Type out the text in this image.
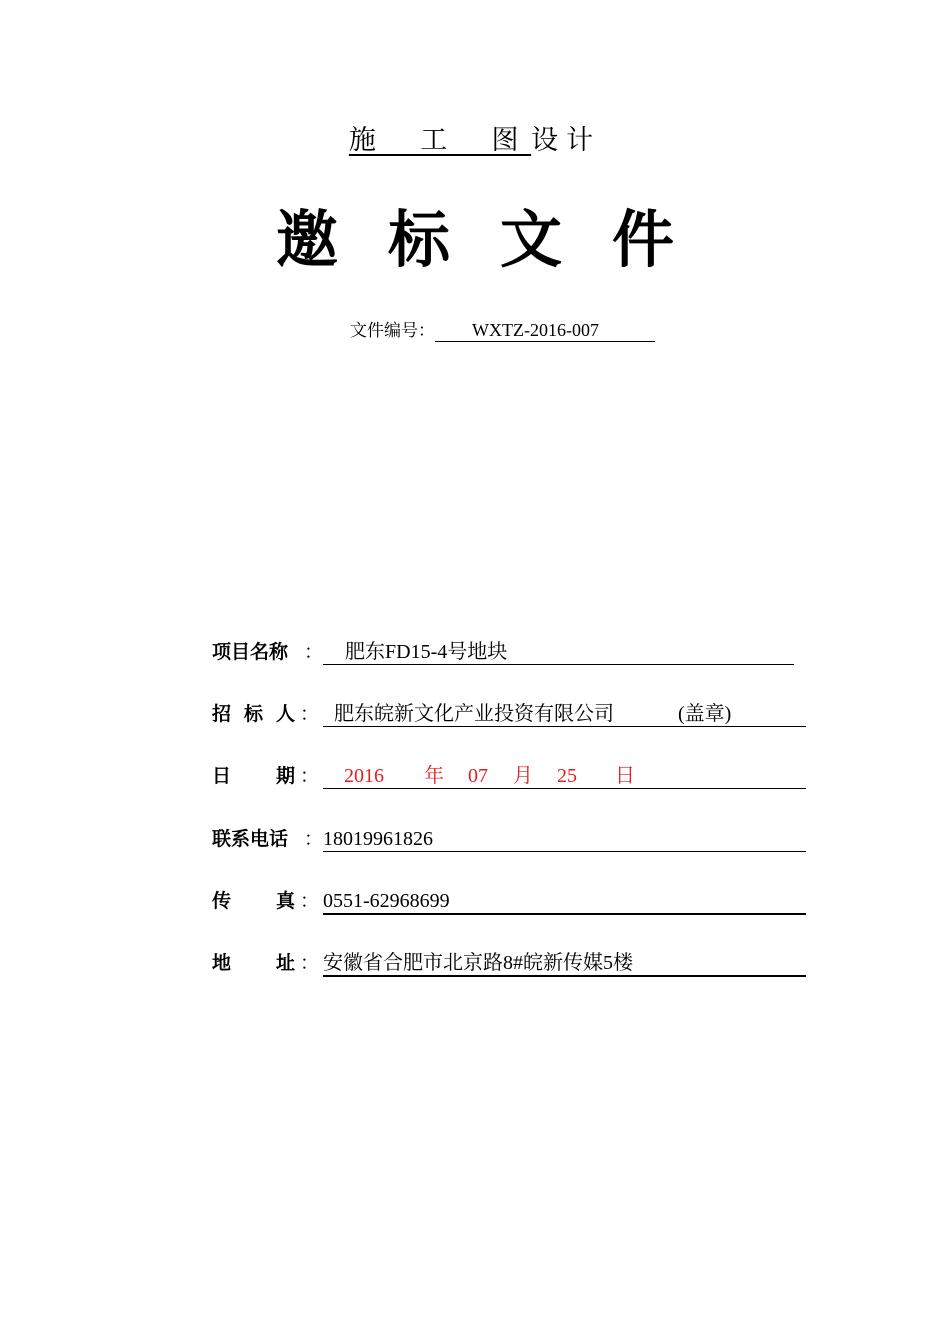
施    工    图 设计
邀标文件
文件编号： WXTZ-2016-007
项目名称 ： 肥东FD15-4号地块
招 标 人 ： 肥东皖新文化产业投资有限公司	(盖章)
日 期 ： 2016 年 07 月 25 日
联系电话 ： 18019961826
传 真 ： 0551-62968699
地 址 ： 安徽省合肥市北京路8#皖新传媒5楼
